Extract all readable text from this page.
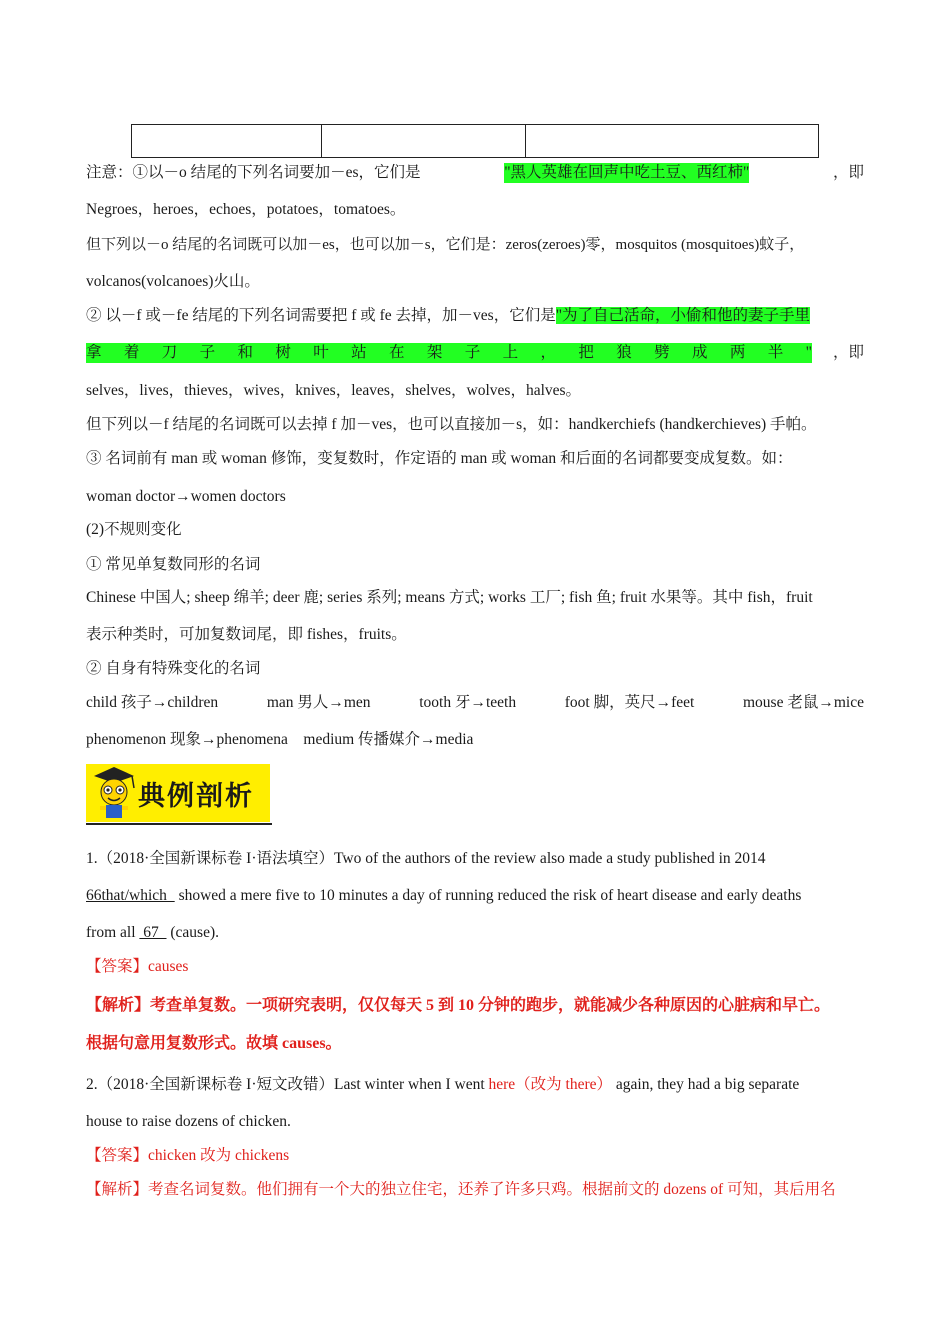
注意：①以－o 结尾的下列名词要加－es，它们是	"黑人英雄在回声中吃土豆、西红柿"	，即
Negroes，heroes，echoes，potatoes，tomatoes。
但下列以－o 结尾的名词既可以加－es，也可以加－s，它们是：zeros(zeroes)零，mosquitos (mosquitoes)蚊子，
volcanos(volcanoes)火山。
② 以－f 或－fe 结尾的下列名词需要把 f 或 fe 去掉，加－ves，它们是"为了自己活命，小偷和他的妻子手里
拿 着 刀 子 和 树 叶 站 在 架 子 上 ， 把 狼 劈 成 两 半 " ，即
selves，lives，thieves，wives，knives，leaves，shelves，wolves，halves。
但下列以－f 结尾的名词既可以去掉 f 加－ves，也可以直接加－s，如：handkerchiefs (handkerchieves) 手帕。
③ 名词前有 man 或 woman 修饰，变复数时，作定语的 man 或 woman 和后面的名词都要变成复数。如：
woman doctor→women doctors
(2)不规则变化
① 常见单复数同形的名词
Chinese 中国人; sheep 绵羊; deer 鹿; series 系列; means 方式; works 工厂; fish 鱼; fruit 水果等。其中 fish，fruit
表示种类时，可加复数词尾，即 fishes，fruits。
② 自身有特殊变化的名词
child 孩子→children	man 男人→men	tooth 牙→teeth	foot 脚，英尺→feet	mouse 老鼠→mice
phenomenon 现象→phenomena    medium 传播媒介→media
典例剖析
1.（2018·全国新课标卷 I·语法填空）Two of the authors of the review also made a study published in 2014
66that/which   showed a mere five to 10 minutes a day of running reduced the risk of heart disease and early deaths
from all  67   (cause).
【答案】causes
【解析】考查单复数。一项研究表明，仅仅每天 5 到 10 分钟的跑步，就能减少各种原因的心脏病和早亡。
根据句意用复数形式。故填 causes。
2.（2018·全国新课标卷 I·短文改错）Last winter when I went here（改为 there） again, they had a big separate
house to raise dozens of chicken.
【答案】chicken 改为 chickens
【解析】考查名词复数。他们拥有一个大的独立住宅，还养了许多只鸡。根据前文的 dozens of 可知，其后用名
